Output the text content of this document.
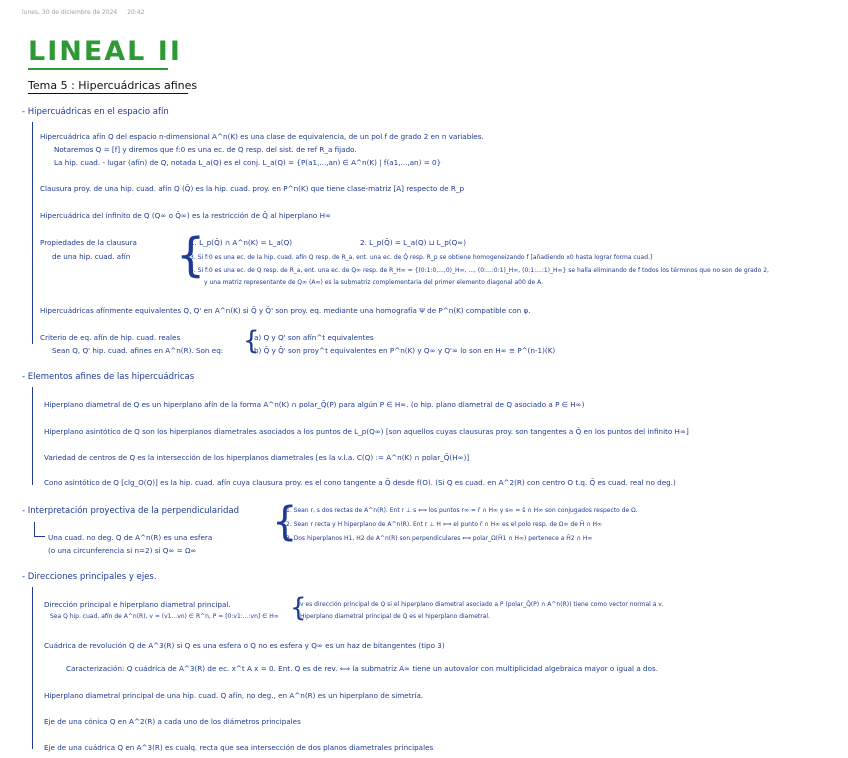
lunes, 30 de diciembre de 2024 20:42
LINEAL II
Tema 5 : Hipercuádricas afines
- Hipercuádricas en el espacio afín
Hipercuádrica afín Q del espacio n-dimensional A^n(K) es una clase de equivalencia, de un pol f de grado 2 en n variables.
Notaremos Q = [f] y diremos que f:0 es una ec. de Q resp. del sist. de ref R_a fijado.
La hip. cuad. - lugar (afín) de Q, notada L_a(Q) es el conj. L_a(Q) = {P(a1,...,an) ∈ A^n(K) | f(a1,...,an) = 0}
Clausura proy. de una hip. cuad. afín Q (Q̄) es la hip. cuad. proy. en P^n(K) que tiene clase-matriz [A] respecto de R_p
Hipercuádrica del infinito de Q (Q∞ o Q̄∞) es la restricción de Q̄ al hiperplano H∞
Propiedades de la clausura
de una hip. cuad. afín {
1. L_p(Q̄) ∩ A^n(K) = L_a(Q)	2. L_p(Q̄) = L_a(Q) ⊔ L_p(Q∞)
3. Si f:0 es una ec. de la hip. cuad. afín Q resp. de R_a, ent. una ec. de Q̄ resp. R_p se obtiene homogeneizando f [añadiendo x0 hasta lograr forma cuad.]
4. Si f:0 es una ec. de Q resp. de R_a, ent. una ec. de Q∞ resp. de R_H∞ = {(0:1:0,...,0)_H∞, ..., (0:...:0:1)_H∞, (0:1:...:1)_H∞} se halla eliminando de f todos los términos que no son de grado 2,
y una matriz representante de Q∞ (A∞) es la submatriz complementaria del primer elemento diagonal a00 de A.
Hipercuádricas afínmente equivalentes Q, Q' en A^n(K) si Q̄ y Q̄' son proy. eq. mediante una homografía Ψ de P^n(K) compatible con φ.
Criterio de eq. afín de hip. cuad. reales
Sean Q, Q' hip. cuad. afines en A^n(R). Son eq: {
a) Q y Q' son afín^t equivalentes
b) Q̄ y Q̄' son proy^t equivalentes en P^n(K) y Q∞ y Q'∞ lo son en H∞ ≅ P^(n-1)(K)
- Elementos afines de las hipercuádricas
Hiperplano diametral de Q es un hiperplano afín de la forma A^n(K) ∩ polar_Q̄(P) para algún P ∈ H∞. (o hip. plano diametral de Q asociado a P ∈ H∞)
Hiperplano asintótico de Q son los hiperplanos diametrales asociados a los puntos de L_p(Q∞) [son aquellos cuyas clausuras proy. son tangentes a Q̄ en los puntos del infinito H∞]
Variedad de centros de Q es la intersección de los hiperplanos diametrales [es la v.l.a. C(Q) := A^n(K) ∩ polar_Q̄(H∞)]
Cono asintótico de Q [clg_O(Q)] es la hip. cuad. afín cuya clausura proy. es el cono tangente a Q̄ desde f(O). (Si Q es cuad. en A^2(R) con centro O t.q. Q̄ es cuad. real no deg.)
- Interpretación proyectiva de la perpendicularidad
Una cuad. no deg. Q de A^n(R) es una esfera
(o una circunferencia si n=2) si Q∞ = Ω∞
{
1. Sean r, s dos rectas de A^n(R). Ent r ⊥ s ⟺ los puntos r∞ = r̄ ∩ H∞ y s∞ = s̄ ∩ H∞ son conjugados respecto de Ω.
2. Sean r recta y H hiperplano de A^n(R). Ent r ⊥ H ⟺ el punto r̄ ∩ H∞ es el polo resp. de Ω∞ de H̄ ∩ H∞
3. Dos hiperplanos H1, H2 de A^n(R) son perpendiculares ⟺ polar_Ω(H̄1 ∩ H∞) pertenece a H̄2 ∩ H∞
- Direcciones principales y ejes.
Dirección principal e hiperplano diametral principal.
Sea Q hip. cuad. afín de A^n(R), v = (v1...vn) ∈ R^n, P = [0:v1:...:vn] ∈ H∞ {
v es dirección principal de Q si el hiperplano diametral asociado a P (polar_Q̄(P) ∩ A^n(R)) tiene como vector normal a v.
Hiperplano diametral principal de Q es el hiperplano diametral.
Cuádrica de revolución Q de A^3(R) si Q es una esfera o Q no es esfera y Q∞ es un haz de bitangentes (tipo 3)
Caracterización: Q cuádrica de A^3(R) de ec. x^t A x = 0. Ent. Q es de rev. ⟺ la submatriz A∞ tiene un autovalor con multiplicidad algebraica mayor o igual a dos.
Hiperplano diametral principal de una hip. cuad. Q afín, no deg., en A^n(R) es un hiperplano de simetría.
Eje de una cónica Q en A^2(R) a cada uno de los diámetros principales
Eje de una cuádrica Q en A^3(R) es cualq. recta que sea intersección de dos planos diametrales principales
